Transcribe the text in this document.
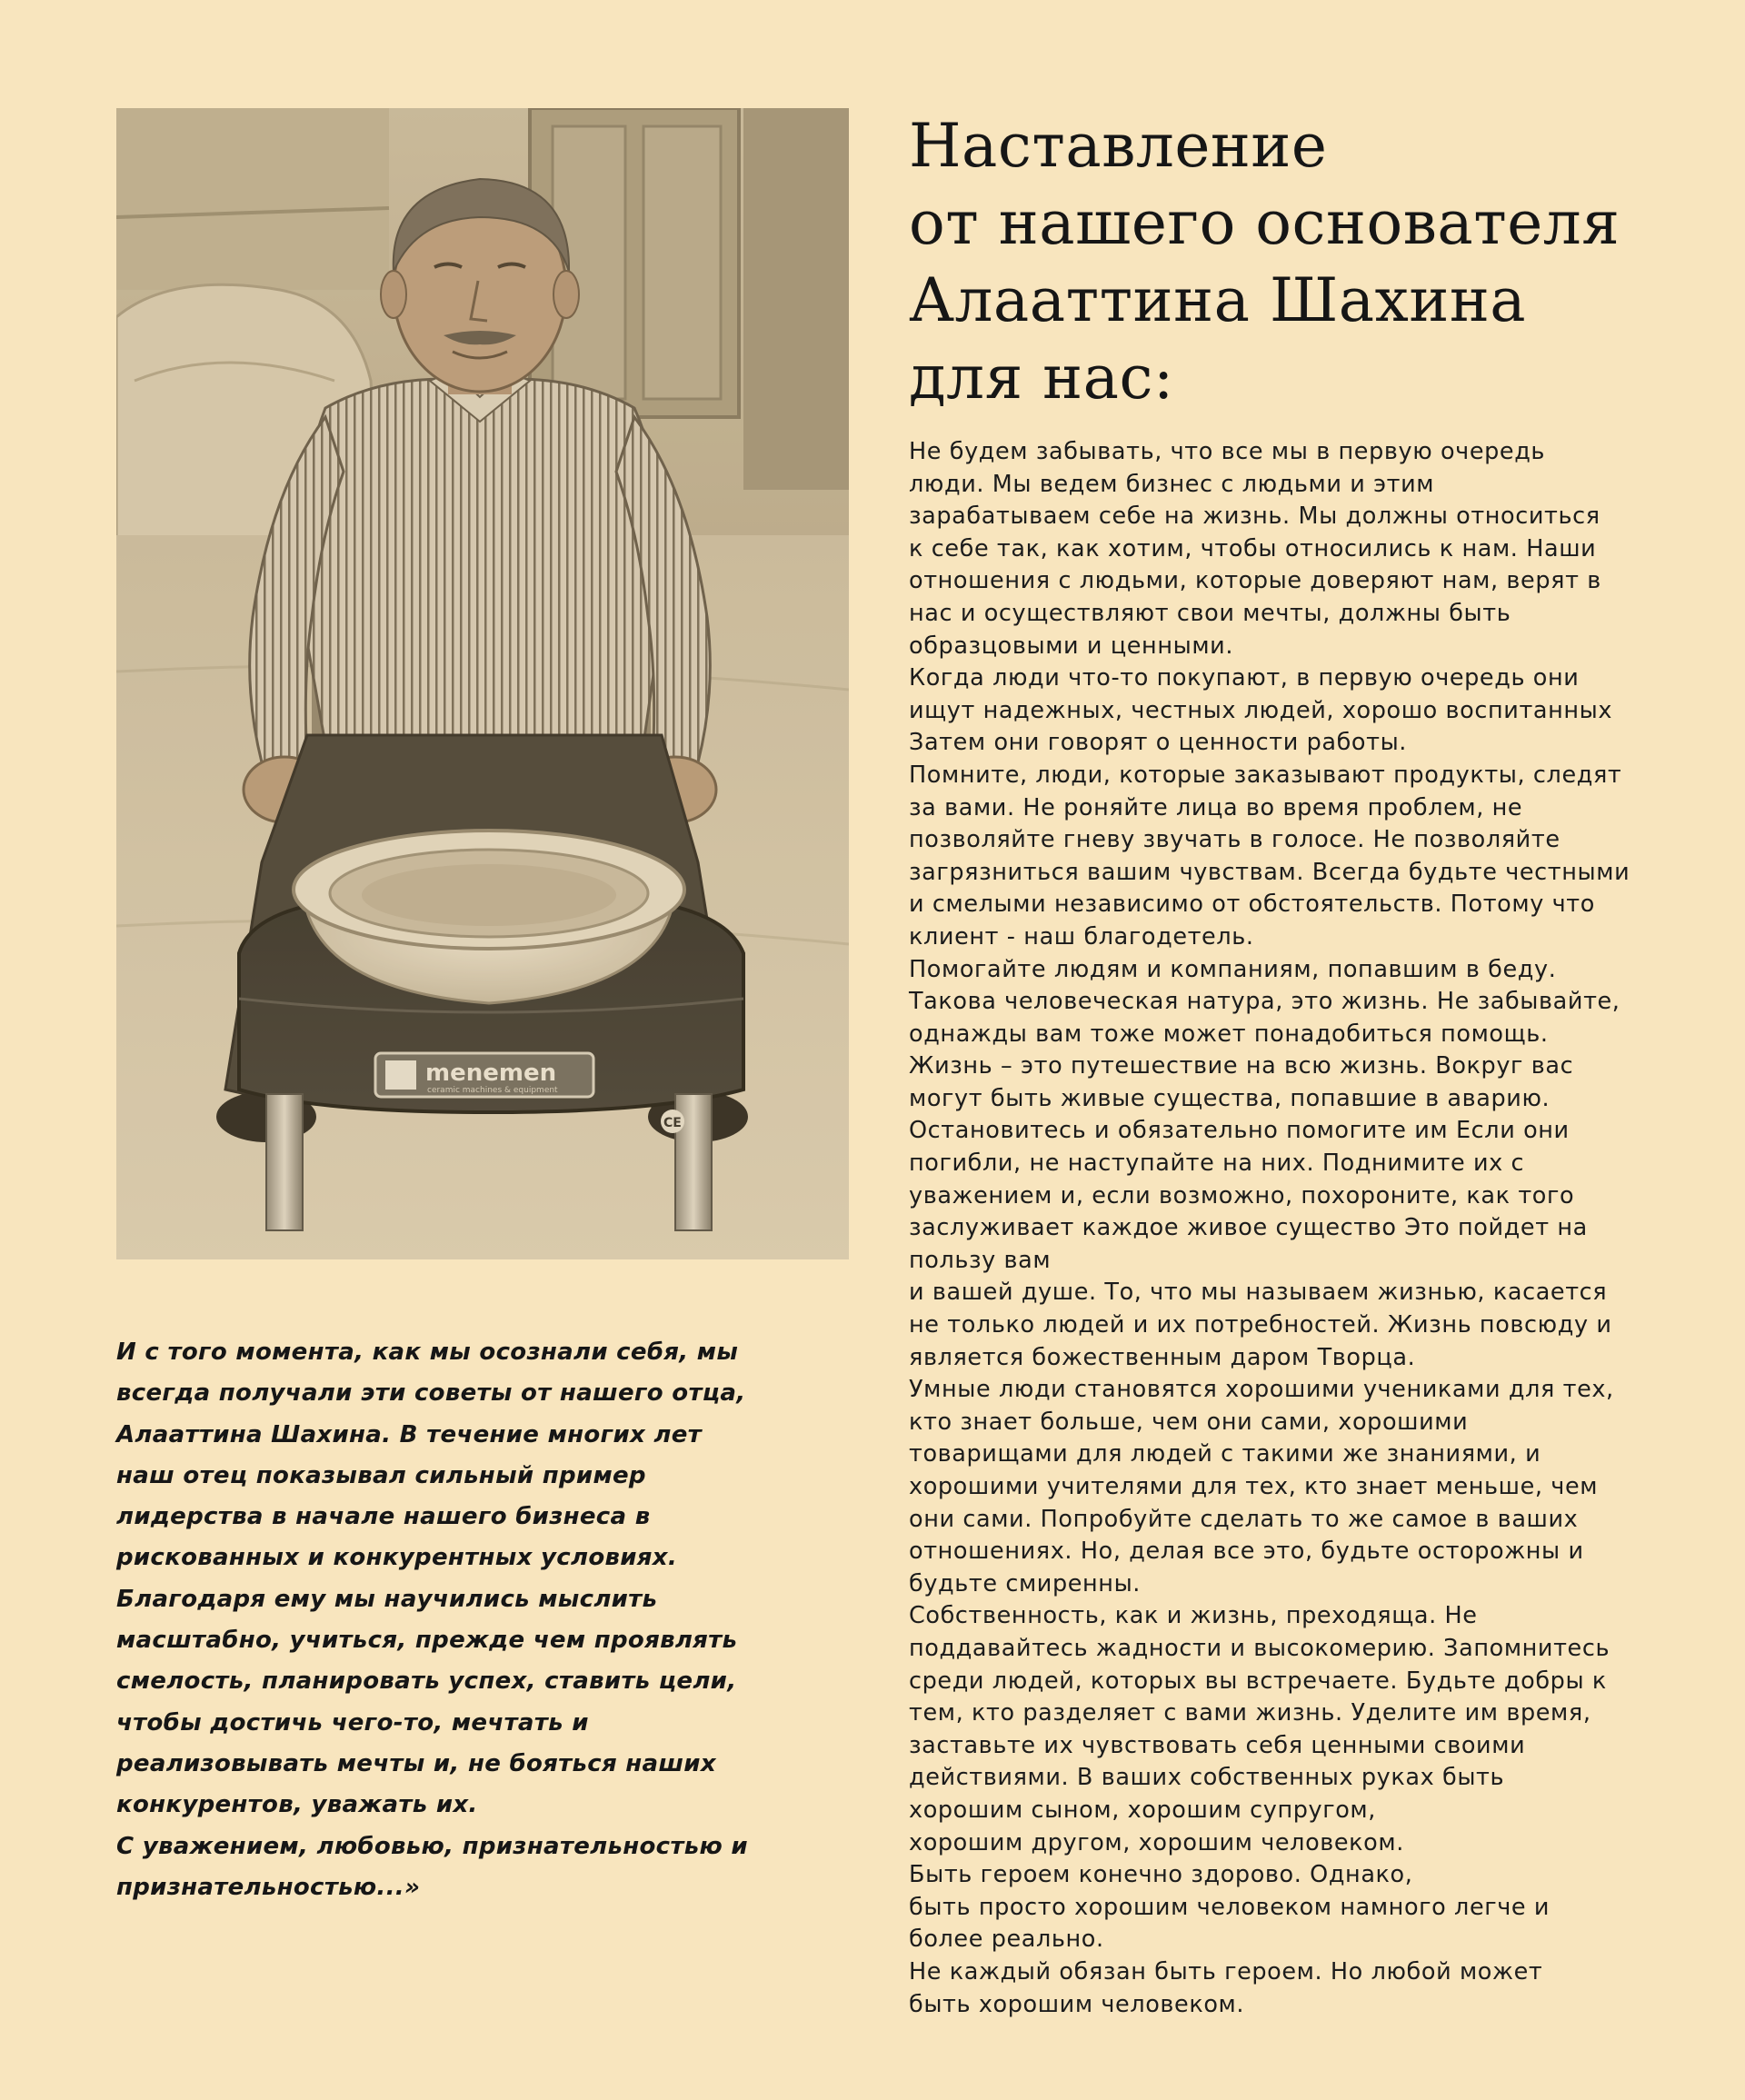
menemen
ceramic machines & equipment
CE
Наставление
от нашего основателя
Алааттина Шахина
для нас:
Не будем забывать, что все мы в первую очередь
люди. Мы ведем бизнес с людьми и этим
зарабатываем себе на жизнь. Мы должны относиться
к себе так, как хотим, чтобы относились к нам. Наши
отношения с людьми, которые доверяют нам, верят в
нас и осуществляют свои мечты, должны быть
образцовыми и ценными.
Когда люди что-то покупают, в первую очередь они
ищут надежных, честных людей, хорошо воспитанных
Затем они говорят о ценности работы.
Помните, люди, которые заказывают продукты, следят
за вами. Не роняйте лица во время проблем, не
позволяйте гневу звучать в голосе. Не позволяйте
загрязниться вашим чувствам. Всегда будьте честными
и смелыми независимо от обстоятельств. Потому что
клиент - наш благодетель.
Помогайте людям и компаниям, попавшим в беду.
Такова человеческая натура, это жизнь. Не забывайте,
однажды вам тоже может понадобиться помощь.
Жизнь – это путешествие на всю жизнь. Вокруг вас
могут быть живые существа, попавшие в аварию.
Остановитесь и обязательно помогите им Если они
погибли, не наступайте на них. Поднимите их с
уважением и, если возможно, похороните, как того
заслуживает каждое живое существо Это пойдет на
пользу вам
и вашей душе. То, что мы называем жизнью, касается
не только людей и их потребностей. Жизнь повсюду и
является божественным даром Творца.
Умные люди становятся хорошими учениками для тех,
кто знает больше, чем они сами, хорошими
товарищами для людей с такими же знаниями, и
хорошими учителями для тех, кто знает меньше, чем
они сами. Попробуйте сделать то же самое в ваших
отношениях. Но, делая все это, будьте осторожны и
будьте смиренны.
Собственность, как и жизнь, преходяща. Не
поддавайтесь жадности и высокомерию. Запомнитесь
среди людей, которых вы встречаете. Будьте добры к
тем, кто разделяет с вами жизнь. Уделите им время,
заставьте их чувствовать себя ценными своими
действиями. В ваших собственных руках быть
хорошим сыном, хорошим супругом,
хорошим другом, хорошим человеком.
Быть героем конечно здорово. Однако,
быть просто хорошим человеком намного легче и
более реально.
Не каждый обязан быть героем. Но любой может
быть хорошим человеком.
И с того момента, как мы осознали себя, мы
всегда получали эти советы от нашего отца,
Алааттина Шахина. В течение многих лет
наш отец показывал сильный пример
лидерства в начале нашего бизнеса в
рискованных и конкурентных условиях.
Благодаря ему мы научились мыслить
масштабно, учиться, прежде чем проявлять
смелость, планировать успех, ставить цели,
чтобы достичь чего-то, мечтать и
реализовывать мечты и, не бояться наших
конкурентов, уважать их.
С уважением, любовью, признательностью и
признательностью...»
